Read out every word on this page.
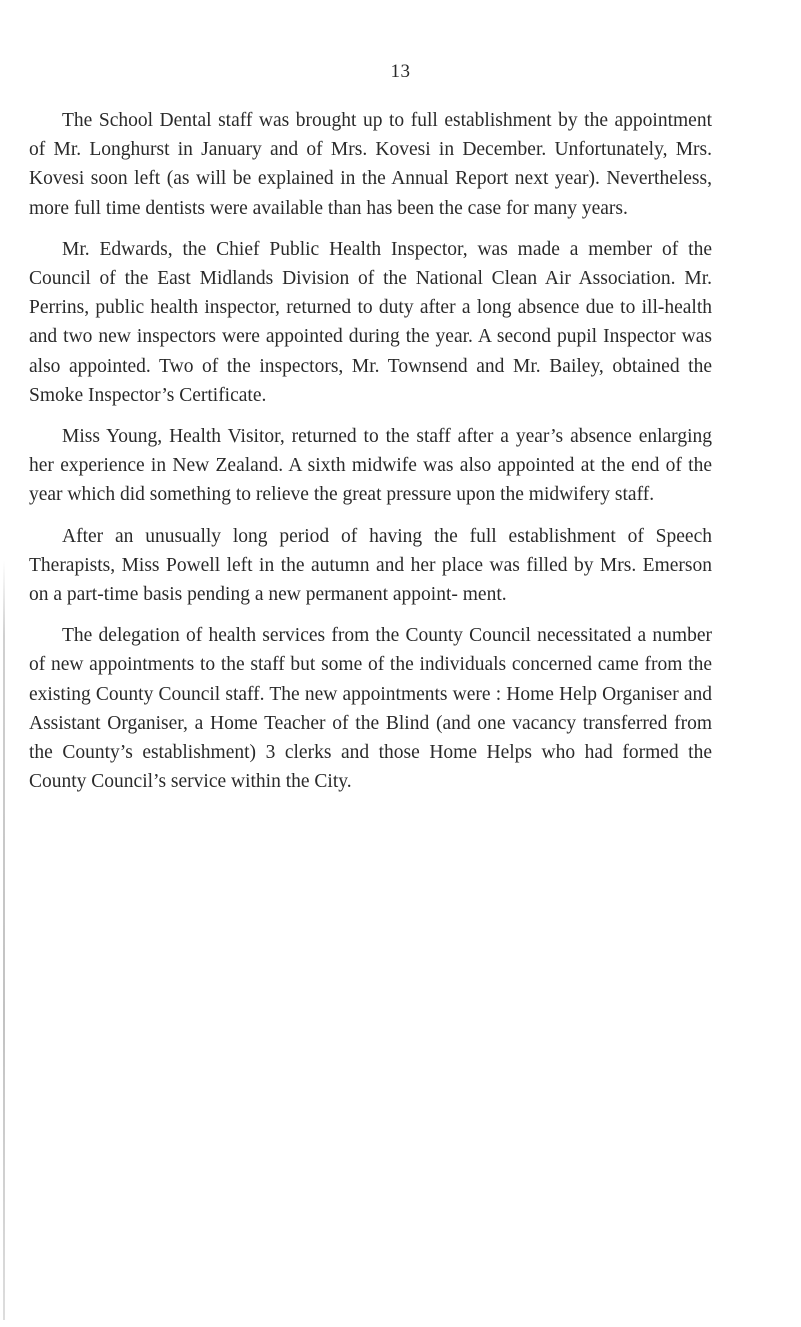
13

The School Dental staff was brought up to full establishment by the appointment of Mr. Longhurst in January and of Mrs. Kovesi in December. Unfortunately, Mrs. Kovesi soon left (as will be explained in the Annual Report next year). Nevertheless, more full time dentists were available than has been the case for many years.

Mr. Edwards, the Chief Public Health Inspector, was made a member of the Council of the East Midlands Division of the National Clean Air Association. Mr. Perrins, public health inspector, returned to duty after a long absence due to ill-health and two new inspectors were appointed during the year. A second pupil Inspector was also appointed. Two of the inspectors, Mr. Townsend and Mr. Bailey, obtained the Smoke Inspector’s Certificate.

Miss Young, Health Visitor, returned to the staff after a year’s absence enlarging her experience in New Zealand. A sixth midwife was also appointed at the end of the year which did something to relieve the great pressure upon the midwifery staff.

After an unusually long period of having the full establishment of Speech Therapists, Miss Powell left in the autumn and her place was filled by Mrs. Emerson on a part-time basis pending a new permanent appoint- ment.

The delegation of health services from the County Council necessitated a number of new appointments to the staff but some of the individuals concerned came from the existing County Council staff. The new appointments were : Home Help Organiser and Assistant Organiser, a Home Teacher of the Blind (and one vacancy transferred from the County’s establishment) 3 clerks and those Home Helps who had formed the County Council’s service within the City.
